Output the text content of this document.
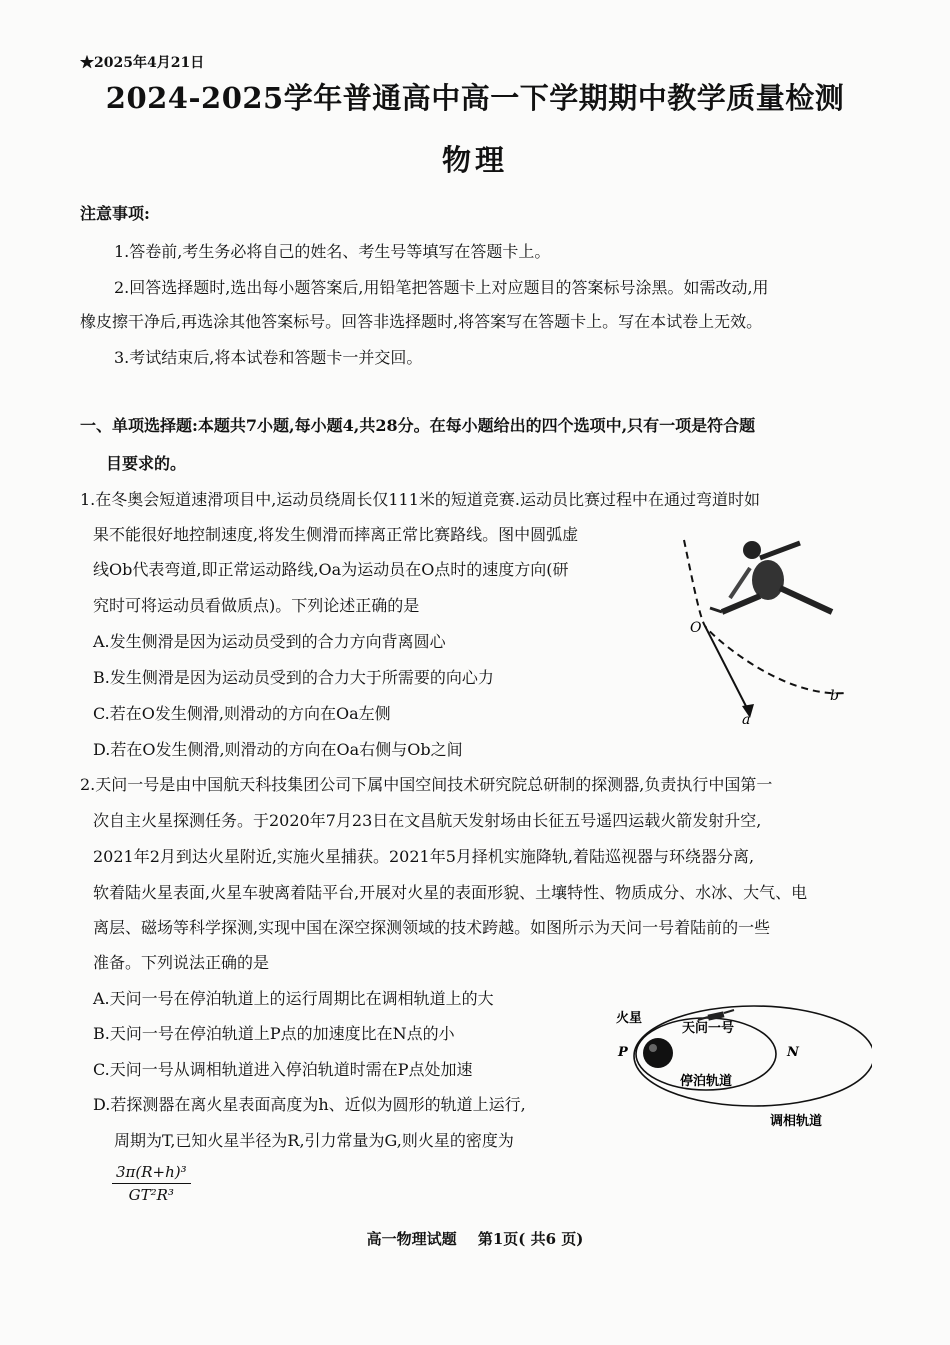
★2025年4月21日
2024-2025学年普通高中高一下学期期中教学质量检测
物理
注意事项:
1.答卷前,考生务必将自己的姓名、考生号等填写在答题卡上。
2.回答选择题时,选出每小题答案后,用铅笔把答题卡上对应题目的答案标号涂黑。如需改动,用
橡皮擦干净后,再选涂其他答案标号。回答非选择题时,将答案写在答题卡上。写在本试卷上无效。
3.考试结束后,将本试卷和答题卡一并交回。
一、单项选择题:本题共7小题,每小题4,共28分。在每小题给出的四个选项中,只有一项是符合题
目要求的。
1.在冬奥会短道速滑项目中,运动员绕周长仅111米的短道竞赛.运动员比赛过程中在通过弯道时如
果不能很好地控制速度,将发生侧滑而摔离正常比赛路线。图中圆弧虚
线Ob代表弯道,即正常运动路线,Oa为运动员在O点时的速度方向(研
究时可将运动员看做质点)。下列论述正确的是
A.发生侧滑是因为运动员受到的合力方向背离圆心
B.发生侧滑是因为运动员受到的合力大于所需要的向心力
C.若在O发生侧滑,则滑动的方向在Oa左侧
D.若在O发生侧滑,则滑动的方向在Oa右侧与Ob之间
O
a
b
2.天问一号是由中国航天科技集团公司下属中国空间技术研究院总研制的探测器,负责执行中国第一
次自主火星探测任务。于2020年7月23日在文昌航天发射场由长征五号遥四运载火箭发射升空,
2021年2月到达火星附近,实施火星捕获。2021年5月择机实施降轨,着陆巡视器与环绕器分离,
软着陆火星表面,火星车驶离着陆平台,开展对火星的表面形貌、土壤特性、物质成分、水冰、大气、电
离层、磁场等科学探测,实现中国在深空探测领域的技术跨越。如图所示为天问一号着陆前的一些
准备。下列说法正确的是
A.天问一号在停泊轨道上的运行周期比在调相轨道上的大
B.天问一号在停泊轨道上P点的加速度比在N点的小
C.天问一号从调相轨道进入停泊轨道时需在P点处加速
D.若探测器在离火星表面高度为h、近似为圆形的轨道上运行,
周期为T,已知火星半径为R,引力常量为G,则火星的密度为
$\frac{\text{3π(R+h)³}}{\text{GT²R³}}$
火星
天问一号
P	N
停泊轨道
调相轨道
高一物理试题 第1页( 共6 页)
